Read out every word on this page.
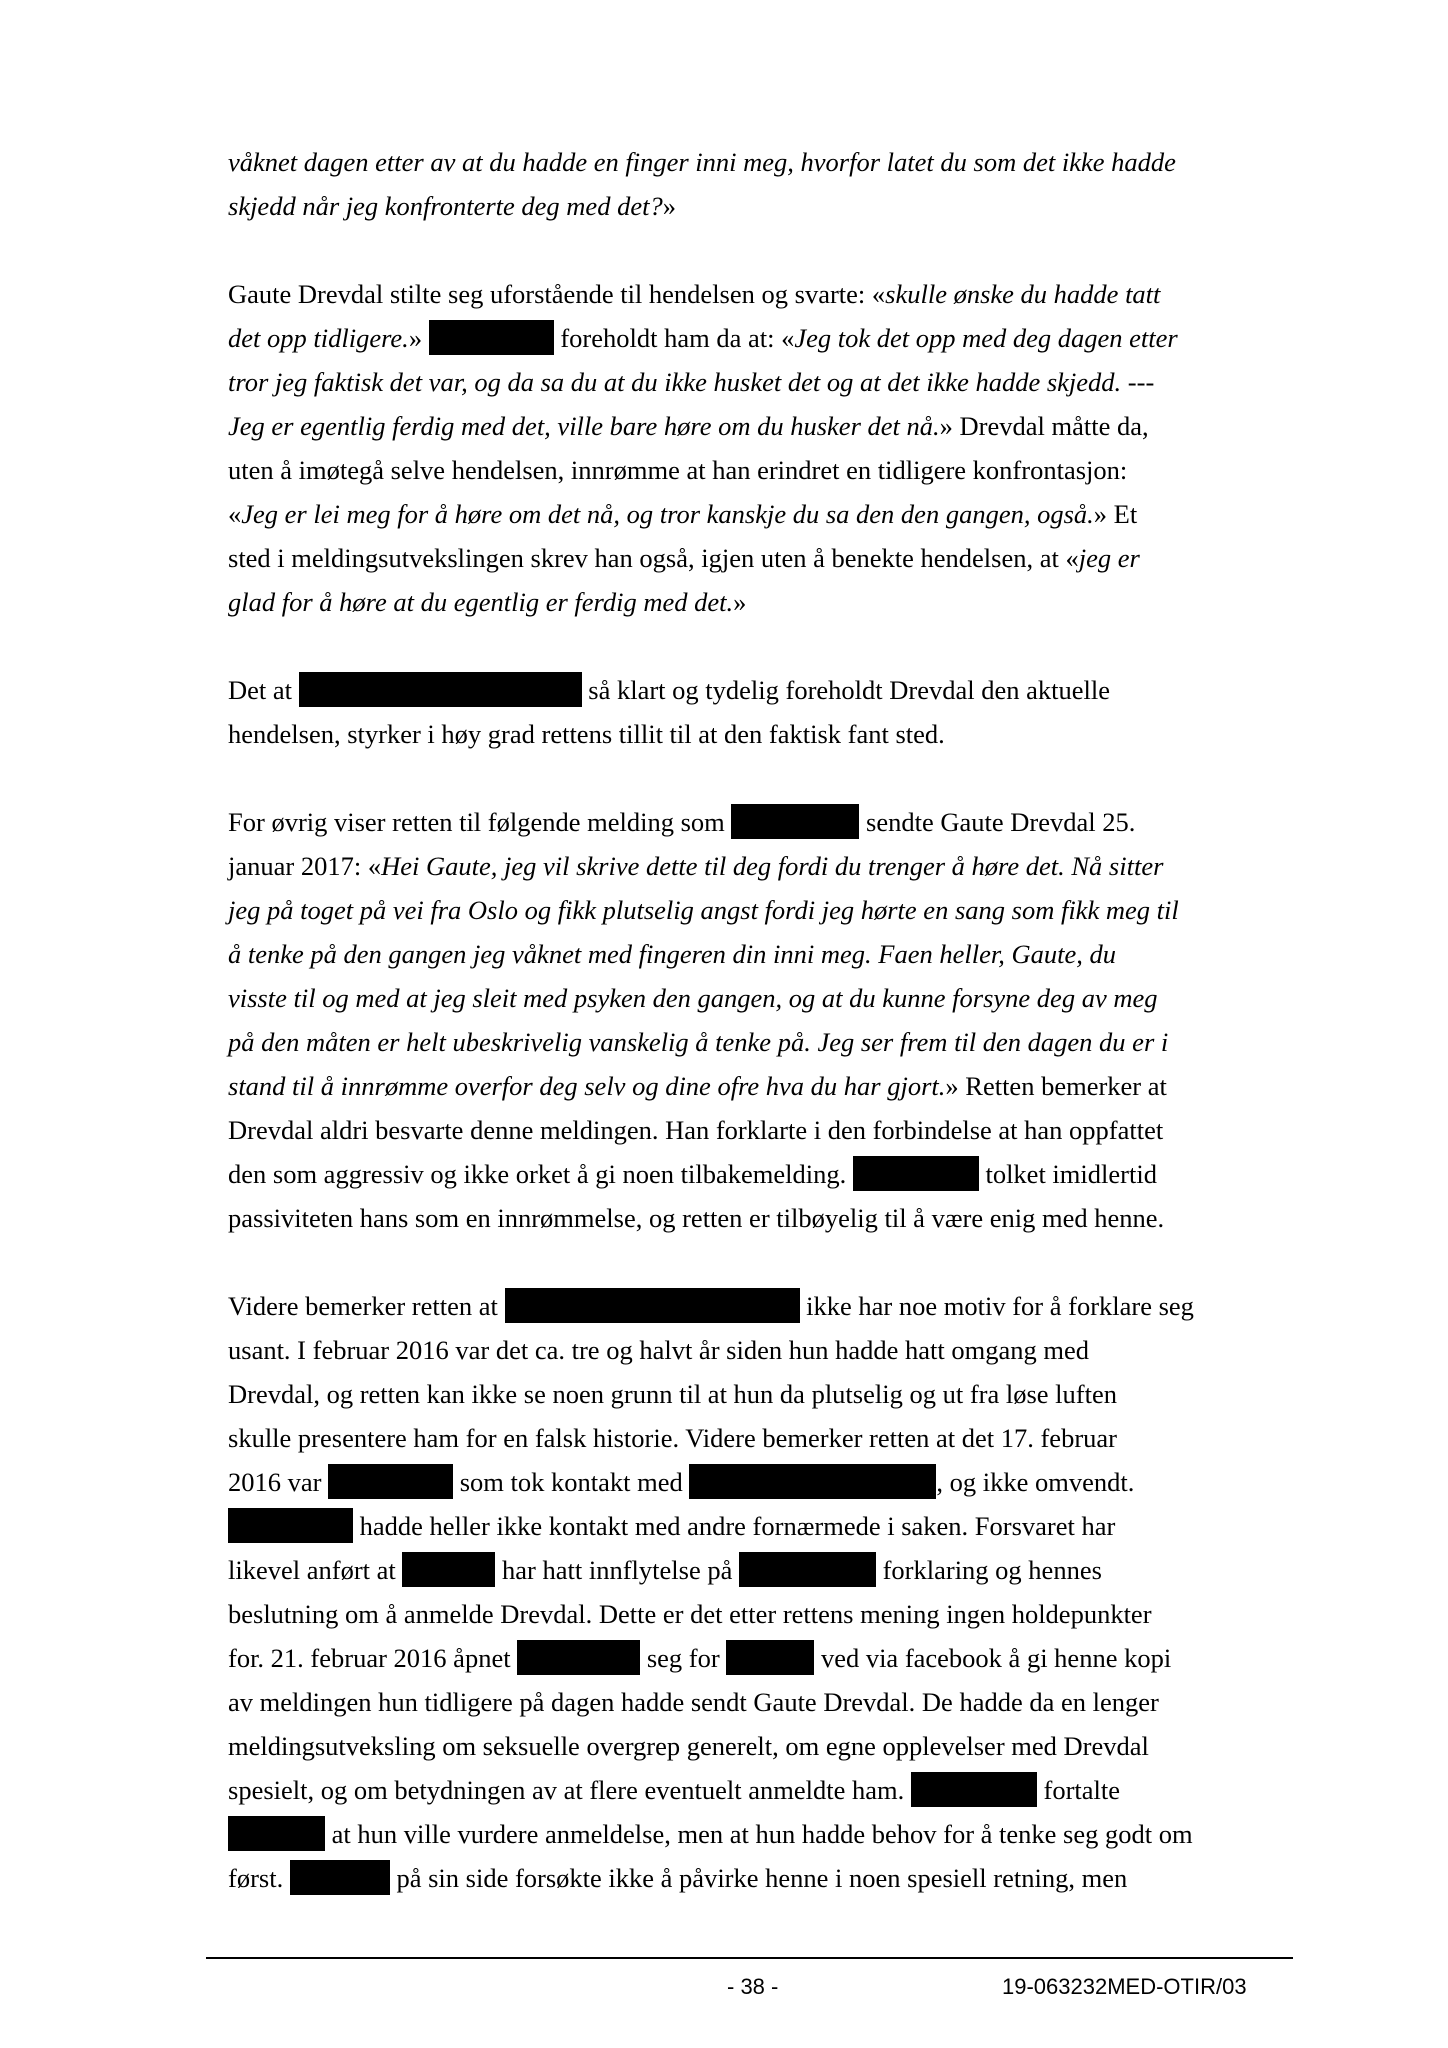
våknet dagen etter av at du hadde en finger inni meg, hvorfor latet du som det ikke hadde
skjedd når jeg konfronterte deg med det?»
Gaute Drevdal stilte seg uforstående til hendelsen og svarte: «skulle ønske du hadde tatt
det opp tidligere.»	foreholdt ham da at: «Jeg tok det opp med deg dagen etter
tror jeg faktisk det var, og da sa du at du ikke husket det og at det ikke hadde skjedd. ---
Jeg er egentlig ferdig med det, ville bare høre om du husker det nå.» Drevdal måtte da,
uten å imøtegå selve hendelsen, innrømme at han erindret en tidligere konfrontasjon:
«Jeg er lei meg for å høre om det nå, og tror kanskje du sa den den gangen, også.» Et
sted i meldingsutvekslingen skrev han også, igjen uten å benekte hendelsen, at «jeg er
glad for å høre at du egentlig er ferdig med det.»
Det at	så klart og tydelig foreholdt Drevdal den aktuelle
hendelsen, styrker i høy grad rettens tillit til at den faktisk fant sted.
For øvrig viser retten til følgende melding som	sendte Gaute Drevdal 25.
januar 2017: «Hei Gaute, jeg vil skrive dette til deg fordi du trenger å høre det. Nå sitter
jeg på toget på vei fra Oslo og fikk plutselig angst fordi jeg hørte en sang som fikk meg til
å tenke på den gangen jeg våknet med fingeren din inni meg. Faen heller, Gaute, du
visste til og med at jeg sleit med psyken den gangen, og at du kunne forsyne deg av meg
på den måten er helt ubeskrivelig vanskelig å tenke på. Jeg ser frem til den dagen du er i
stand til å innrømme overfor deg selv og dine ofre hva du har gjort.» Retten bemerker at
Drevdal aldri besvarte denne meldingen. Han forklarte i den forbindelse at han oppfattet
den som aggressiv og ikke orket å gi noen tilbakemelding.	tolket imidlertid
passiviteten hans som en innrømmelse, og retten er tilbøyelig til å være enig med henne.
Videre bemerker retten at	ikke har noe motiv for å forklare seg
usant. I februar 2016 var det ca. tre og halvt år siden hun hadde hatt omgang med
Drevdal, og retten kan ikke se noen grunn til at hun da plutselig og ut fra løse luften
skulle presentere ham for en falsk historie. Videre bemerker retten at det 17. februar
2016 var	som tok kontakt med	, og ikke omvendt.
hadde heller ikke kontakt med andre fornærmede i saken. Forsvaret har
likevel anført at	har hatt innflytelse på	forklaring og hennes
beslutning om å anmelde Drevdal. Dette er det etter rettens mening ingen holdepunkter
for. 21. februar 2016 åpnet	seg for	ved via facebook å gi henne kopi
av meldingen hun tidligere på dagen hadde sendt Gaute Drevdal. De hadde da en lenger
meldingsutveksling om seksuelle overgrep generelt, om egne opplevelser med Drevdal
spesielt, og om betydningen av at flere eventuelt anmeldte ham.	fortalte
at hun ville vurdere anmeldelse, men at hun hadde behov for å tenke seg godt om
først.	på sin side forsøkte ikke å påvirke henne i noen spesiell retning, men
- 38 -	19-063232MED-OTIR/03
